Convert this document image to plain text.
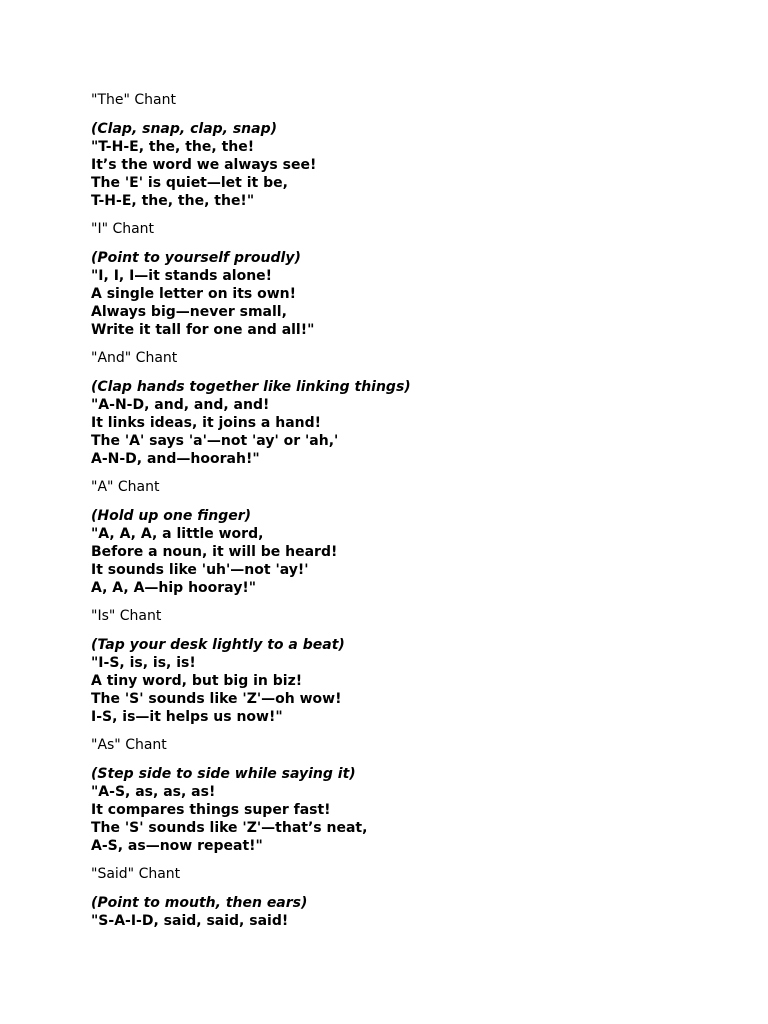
"The" Chant

(Clap, snap, clap, snap)

"T-H-E, the, the, the!

It’s the word we always see!

The 'E' is quiet—let it be,

T-H-E, the, the, the!"

"I" Chant

(Point to yourself proudly)

"I, I, I—it stands alone!

A single letter on its own!

Always big—never small,

Write it tall for one and all!"

"And" Chant

(Clap hands together like linking things)

"A-N-D, and, and, and!

It links ideas, it joins a hand!

The 'A' says 'a'—not 'ay' or 'ah,'

A-N-D, and—hoorah!"

"A" Chant

(Hold up one finger)

"A, A, A, a little word,

Before a noun, it will be heard!

It sounds like 'uh'—not 'ay!'

A, A, A—hip hooray!"

"Is" Chant

(Tap your desk lightly to a beat)

"I-S, is, is, is!

A tiny word, but big in biz!

The 'S' sounds like 'Z'—oh wow!

I-S, is—it helps us now!"

"As" Chant

(Step side to side while saying it)

"A-S, as, as, as!

It compares things super fast!

The 'S' sounds like 'Z'—that’s neat,

A-S, as—now repeat!"

"Said" Chant

(Point to mouth, then ears)

"S-A-I-D, said, said, said!
